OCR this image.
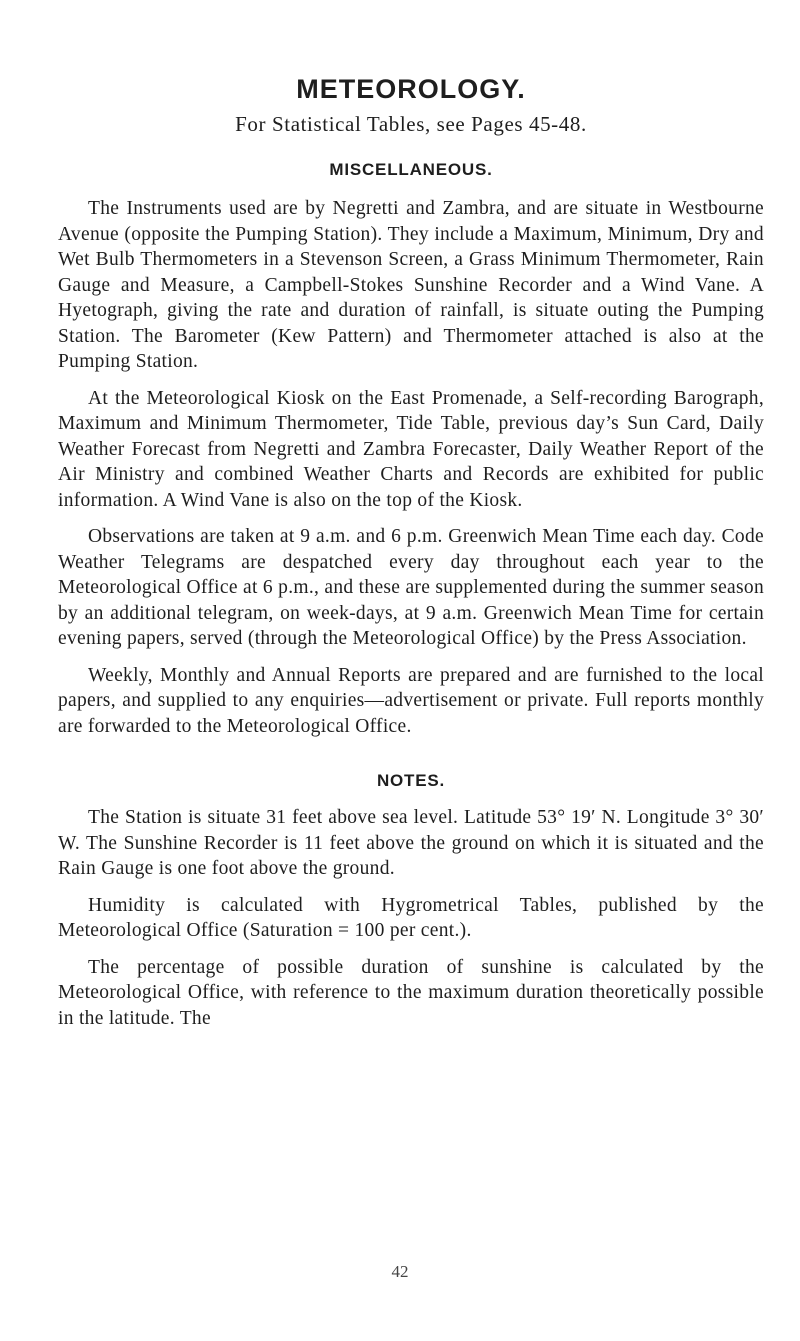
METEOROLOGY.

For Statistical Tables, see Pages 45-48.

MISCELLANEOUS.

The Instruments used are by Negretti and Zambra, and are situate in Westbourne Avenue (opposite the Pumping Station). They include a Maximum, Minimum, Dry and Wet Bulb Thermometers in a Stevenson Screen, a Grass Minimum Thermometer, Rain Gauge and Measure, a Campbell-Stokes Sunshine Recorder and a Wind Vane. A Hyetograph, giving the rate and duration of rainfall, is situate outing the Pumping Station. The Barometer (Kew Pattern) and Thermometer attached is also at the Pumping Station.

At the Meteorological Kiosk on the East Promenade, a Self-recording Barograph, Maximum and Minimum Thermometer, Tide Table, previous day’s Sun Card, Daily Weather Forecast from Negretti and Zambra Forecaster, Daily Weather Report of the Air Ministry and combined Weather Charts and Records are exhibited for public information. A Wind Vane is also on the top of the Kiosk.

Observations are taken at 9 a.m. and 6 p.m. Greenwich Mean Time each day. Code Weather Telegrams are despatched every day throughout each year to the Meteorological Office at 6 p.m., and these are supplemented during the summer season by an additional telegram, on week-days, at 9 a.m. Greenwich Mean Time for certain evening papers, served (through the Meteorological Office) by the Press Association.

Weekly, Monthly and Annual Reports are prepared and are furnished to the local papers, and supplied to any enquiries—advertisement or private. Full reports monthly are forwarded to the Meteorological Office.

NOTES.

The Station is situate 31 feet above sea level. Latitude 53° 19′ N. Longitude 3° 30′ W. The Sunshine Recorder is 11 feet above the ground on which it is situated and the Rain Gauge is one foot above the ground.

Humidity is calculated with Hygrometrical Tables, published by the Meteorological Office (Saturation = 100 per cent.).

The percentage of possible duration of sunshine is calculated by the Meteorological Office, with reference to the maximum duration theoretically possible in the latitude. The

42
